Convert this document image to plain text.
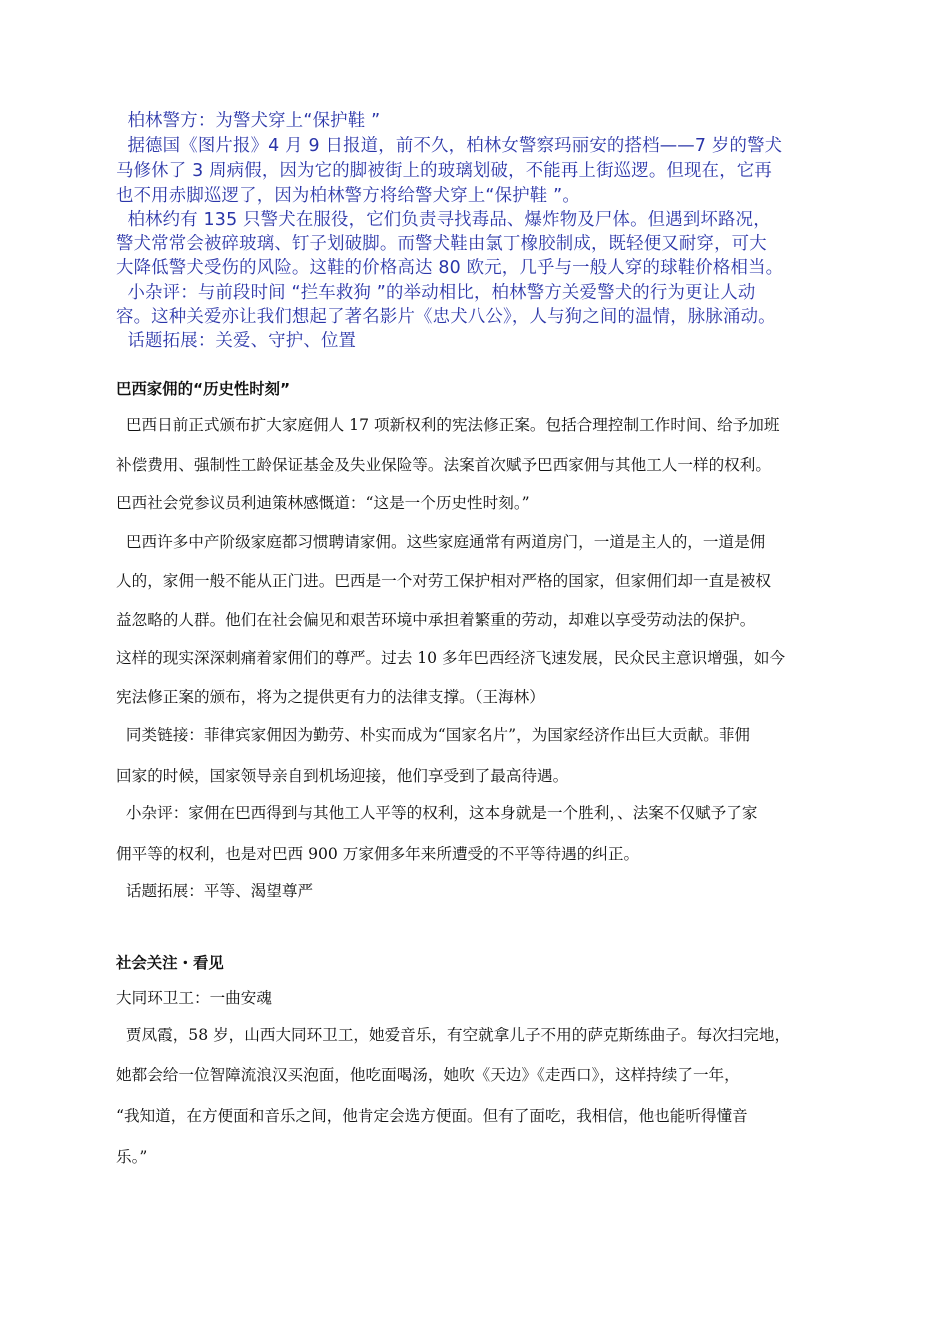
柏林警方：为警犬穿上“保护鞋 ”
据德国《图片报》4 月 9 日报道，前不久，柏林女警察玛丽安的搭档——7 岁的警犬
马修休了 3 周病假，因为它的脚被街上的玻璃划破，不能再上街巡逻。但现在，它再
也不用赤脚巡逻了，因为柏林警方将给警犬穿上“保护鞋 ”。
柏林约有 135 只警犬在服役，它们负责寻找毒品、爆炸物及尸体。但遇到坏路况，
警犬常常会被碎玻璃、钉子划破脚。而警犬鞋由氯丁橡胶制成，既轻便又耐穿，可大
大降低警犬受伤的风险。这鞋的价格高达 80 欧元，几乎与一般人穿的球鞋价格相当。
小杂评：与前段时间 “拦车救狗 ”的举动相比，柏林警方关爱警犬的行为更让人动
容。这种关爱亦让我们想起了著名影片《忠犬八公》，人与狗之间的温情，脉脉涌动。
话题拓展：关爱、守护、位置
巴西家佣的“历史性时刻”
巴西日前正式颁布扩大家庭佣人 17 项新权利的宪法修正案。包括合理控制工作时间、给予加班
补偿费用、强制性工龄保证基金及失业保险等。法案首次赋予巴西家佣与其他工人一样的权利。
巴西社会党参议员利迪策林感慨道：“这是一个历史性时刻。”
巴西许多中产阶级家庭都习惯聘请家佣。这些家庭通常有两道房门，一道是主人的，一道是佣
人的，家佣一般不能从正门进。巴西是一个对劳工保护相对严格的国家，但家佣们却一直是被权
益忽略的人群。他们在社会偏见和艰苦环境中承担着繁重的劳动，却难以享受劳动法的保护。
这样的现实深深刺痛着家佣们的尊严。过去 10 多年巴西经济飞速发展，民众民主意识增强，如今
宪法修正案的颁布，将为之提供更有力的法律支撑。（王海林）
同类链接：菲律宾家佣因为勤劳、朴实而成为“国家名片”，为国家经济作出巨大贡献。菲佣
回家的时候，国家领导亲自到机场迎接，他们享受到了最高待遇。
小杂评：家佣在巴西得到与其他工人平等的权利，这本身就是一个胜利，、法案不仅赋予了家
佣平等的权利，也是对巴西 900 万家佣多年来所遭受的不平等待遇的纠正。
话题拓展：平等、渴望尊严
社会关注・看见
大同环卫工：一曲安魂
贾凤霞，58 岁，山西大同环卫工，她爱音乐，有空就拿儿子不用的萨克斯练曲子。每次扫完地，
她都会给一位智障流浪汉买泡面，他吃面喝汤，她吹《天边》《走西口》，这样持续了一年，
“我知道，在方便面和音乐之间，他肯定会选方便面。但有了面吃，我相信，他也能听得懂音
乐。”
